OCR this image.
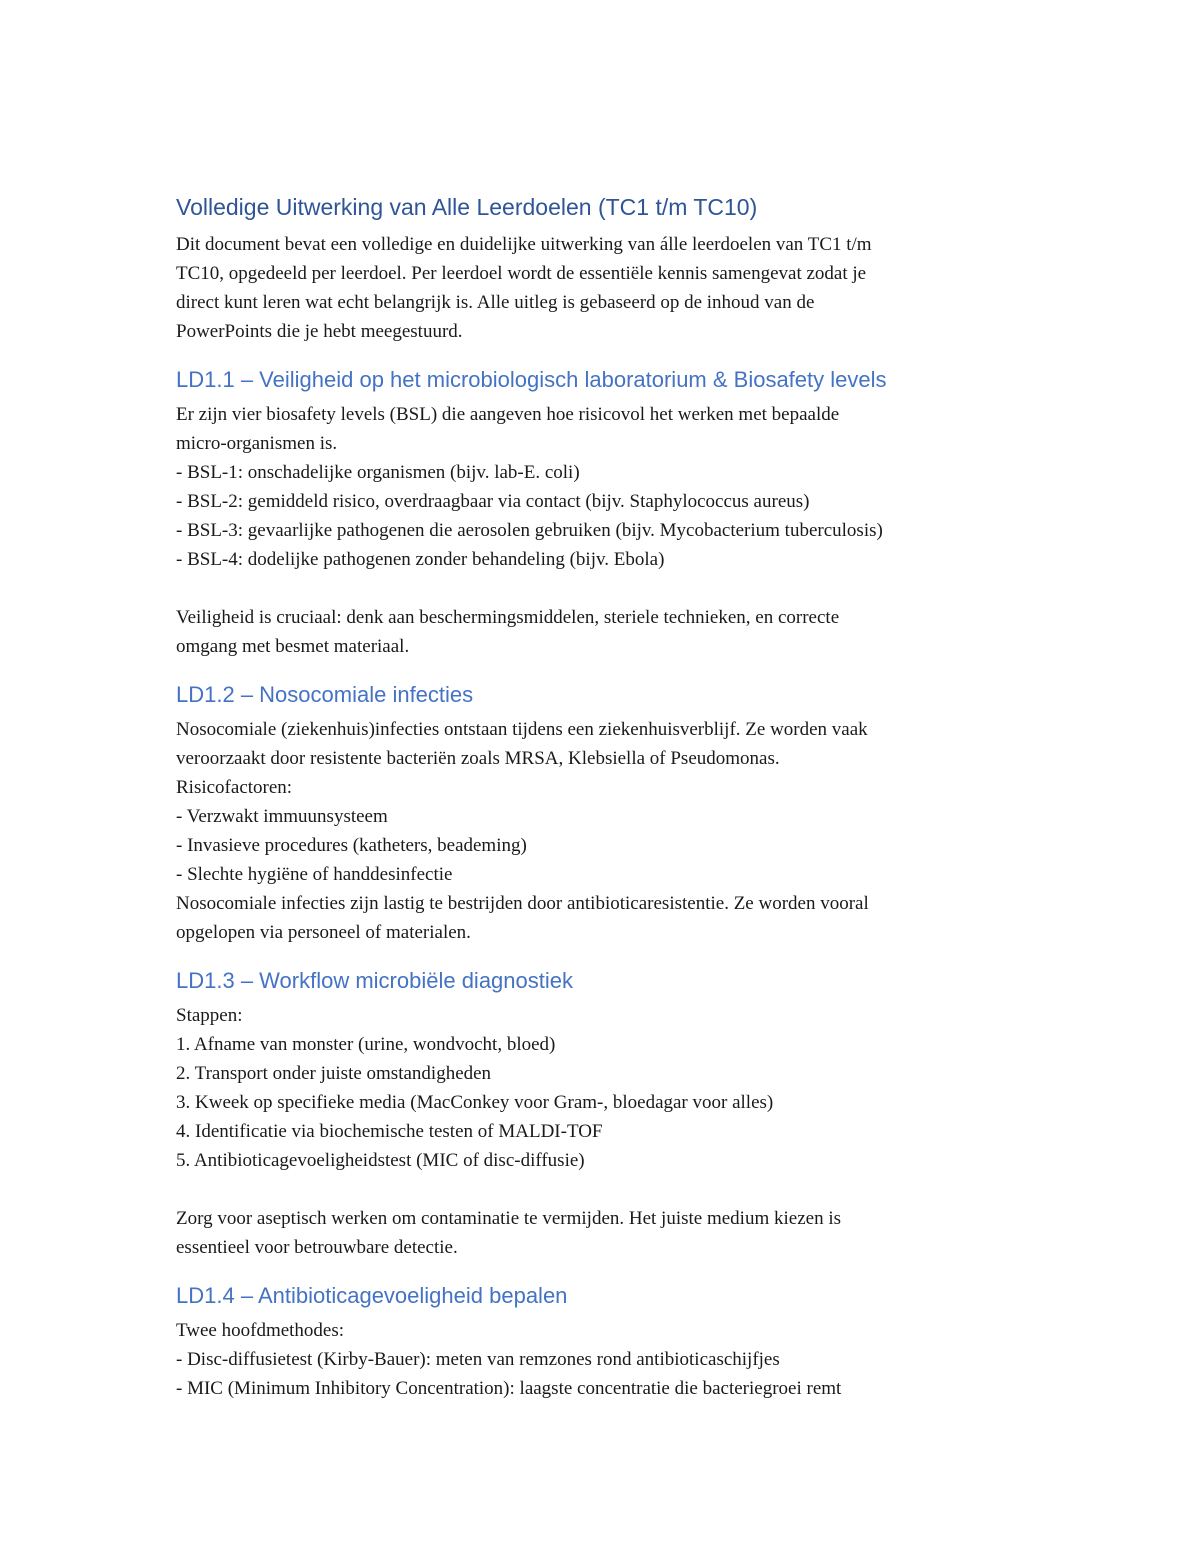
Volledige Uitwerking van Alle Leerdoelen (TC1 t/m TC10)

Dit document bevat een volledige en duidelijke uitwerking van álle leerdoelen van TC1 t/m
TC10, opgedeeld per leerdoel. Per leerdoel wordt de essentiële kennis samengevat zodat je
direct kunt leren wat echt belangrijk is. Alle uitleg is gebaseerd op de inhoud van de
PowerPoints die je hebt meegestuurd.

LD1.1 – Veiligheid op het microbiologisch laboratorium & Biosafety levels

Er zijn vier biosafety levels (BSL) die aangeven hoe risicovol het werken met bepaalde
micro-organismen is.
- BSL-1: onschadelijke organismen (bijv. lab-E. coli)
- BSL-2: gemiddeld risico, overdraagbaar via contact (bijv. Staphylococcus aureus)
- BSL-3: gevaarlijke pathogenen die aerosolen gebruiken (bijv. Mycobacterium tuberculosis)
- BSL-4: dodelijke pathogenen zonder behandeling (bijv. Ebola)
Veiligheid is cruciaal: denk aan beschermingsmiddelen, steriele technieken, en correcte
omgang met besmet materiaal.

LD1.2 – Nosocomiale infecties

Nosocomiale (ziekenhuis)infecties ontstaan tijdens een ziekenhuisverblijf. Ze worden vaak
veroorzaakt door resistente bacteriën zoals MRSA, Klebsiella of Pseudomonas.
Risicofactoren:
- Verzwakt immuunsysteem
- Invasieve procedures (katheters, beademing)
- Slechte hygiëne of handdesinfectie
Nosocomiale infecties zijn lastig te bestrijden door antibioticaresistentie. Ze worden vooral
opgelopen via personeel of materialen.

LD1.3 – Workflow microbiële diagnostiek

Stappen:
1. Afname van monster (urine, wondvocht, bloed)
2. Transport onder juiste omstandigheden
3. Kweek op specifieke media (MacConkey voor Gram-, bloedagar voor alles)
4. Identificatie via biochemische testen of MALDI-TOF
5. Antibioticagevoeligheidstest (MIC of disc-diffusie)
Zorg voor aseptisch werken om contaminatie te vermijden. Het juiste medium kiezen is
essentieel voor betrouwbare detectie.

LD1.4 – Antibioticagevoeligheid bepalen

Twee hoofdmethodes:
- Disc-diffusietest (Kirby-Bauer): meten van remzones rond antibioticaschijfjes
- MIC (Minimum Inhibitory Concentration): laagste concentratie die bacteriegroei remt
